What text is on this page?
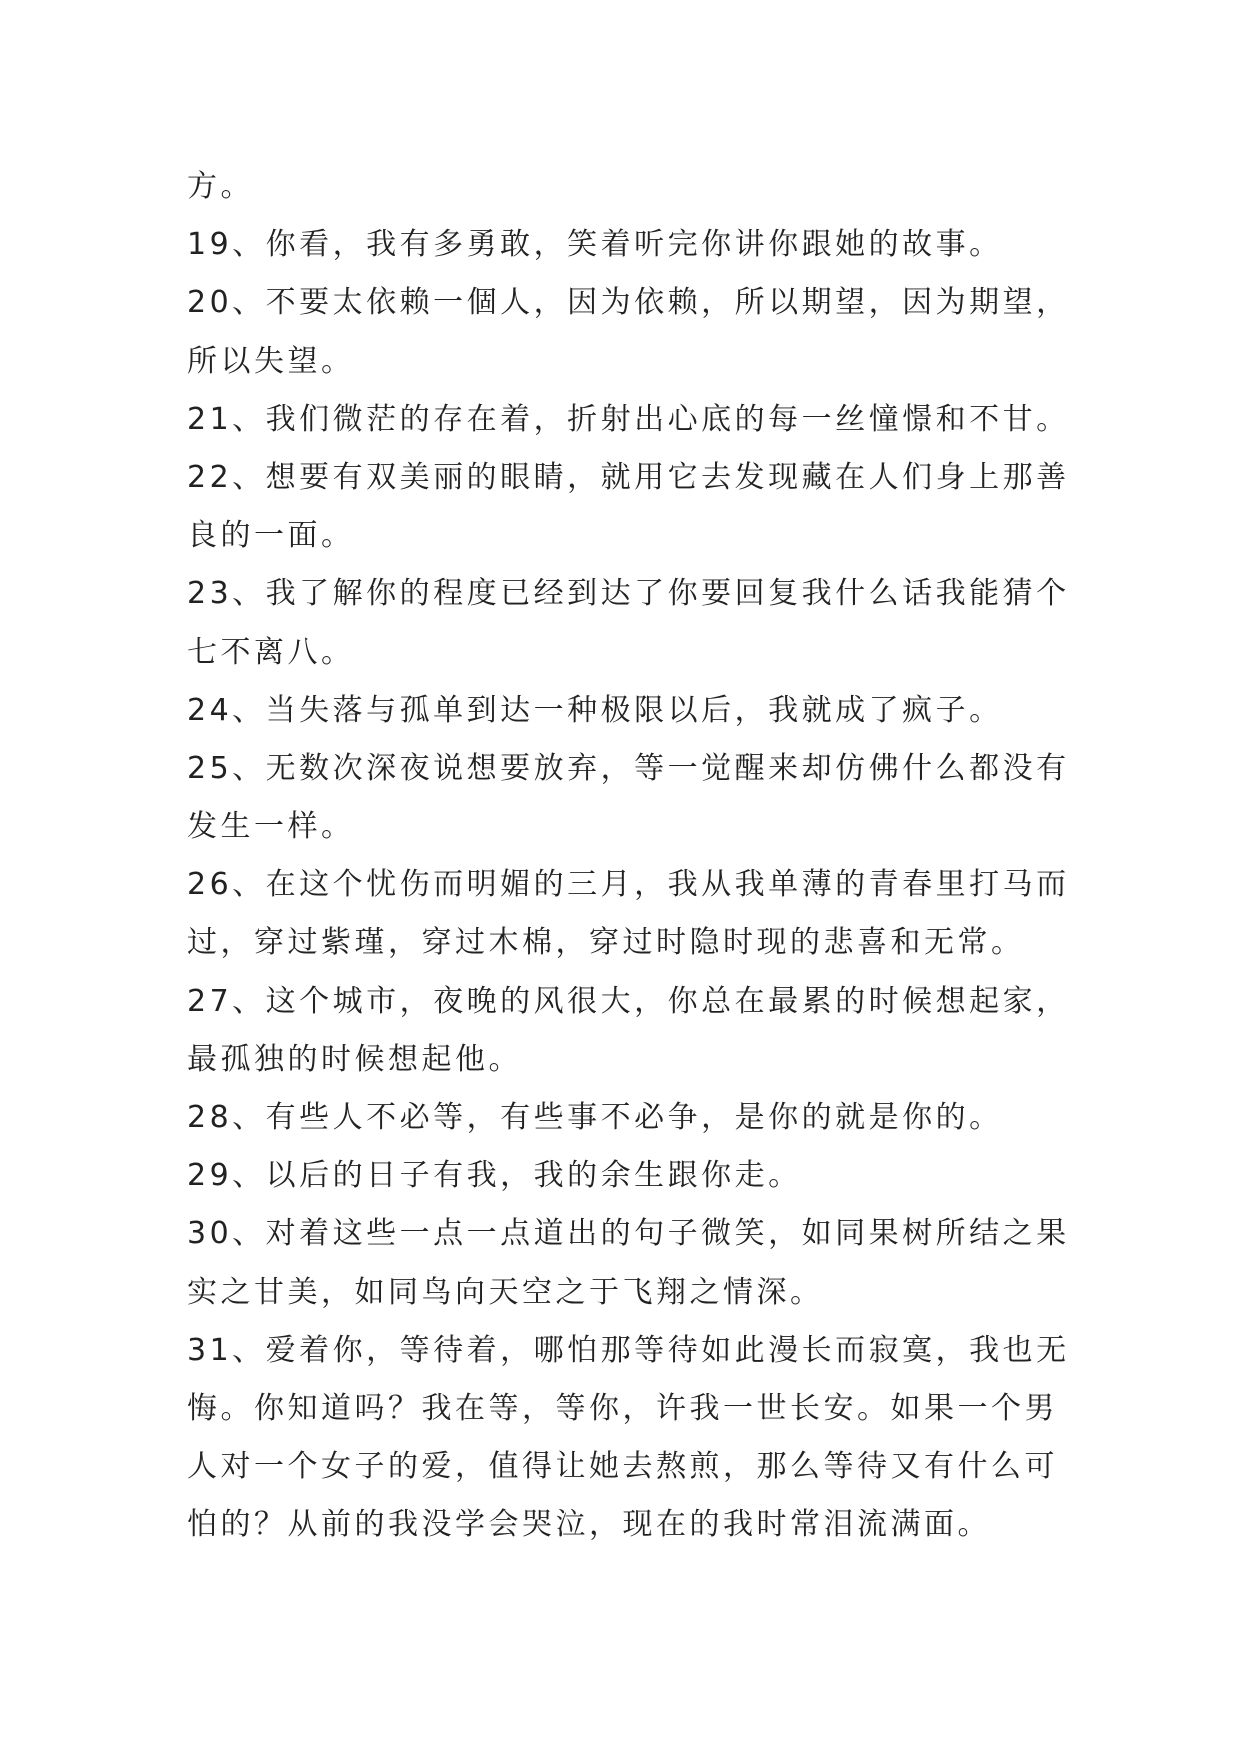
方。
19、你看，我有多勇敢，笑着听完你讲你跟她的故事。
20、不要太依赖一個人，因为依赖，所以期望，因为期望，
所以失望。
21、我们微茫的存在着，折射出心底的每一丝憧憬和不甘。
22、想要有双美丽的眼睛，就用它去发现藏在人们身上那善
良的一面。
23、我了解你的程度已经到达了你要回复我什么话我能猜个
七不离八。
24、当失落与孤单到达一种极限以后，我就成了疯子。
25、无数次深夜说想要放弃，等一觉醒来却仿佛什么都没有
发生一样。
26、在这个忧伤而明媚的三月，我从我单薄的青春里打马而
过，穿过紫瑾，穿过木棉，穿过时隐时现的悲喜和无常。
27、这个城市，夜晚的风很大，你总在最累的时候想起家，
最孤独的时候想起他。
28、有些人不必等，有些事不必争，是你的就是你的。
29、以后的日子有我，我的余生跟你走。
30、对着这些一点一点道出的句子微笑，如同果树所结之果
实之甘美，如同鸟向天空之于飞翔之情深。
31、爱着你，等待着，哪怕那等待如此漫长而寂寞，我也无
悔。你知道吗？我在等，等你，许我一世长安。如果一个男
人对一个女子的爱，值得让她去熬煎，那么等待又有什么可
怕的？从前的我没学会哭泣，现在的我时常泪流满面。
